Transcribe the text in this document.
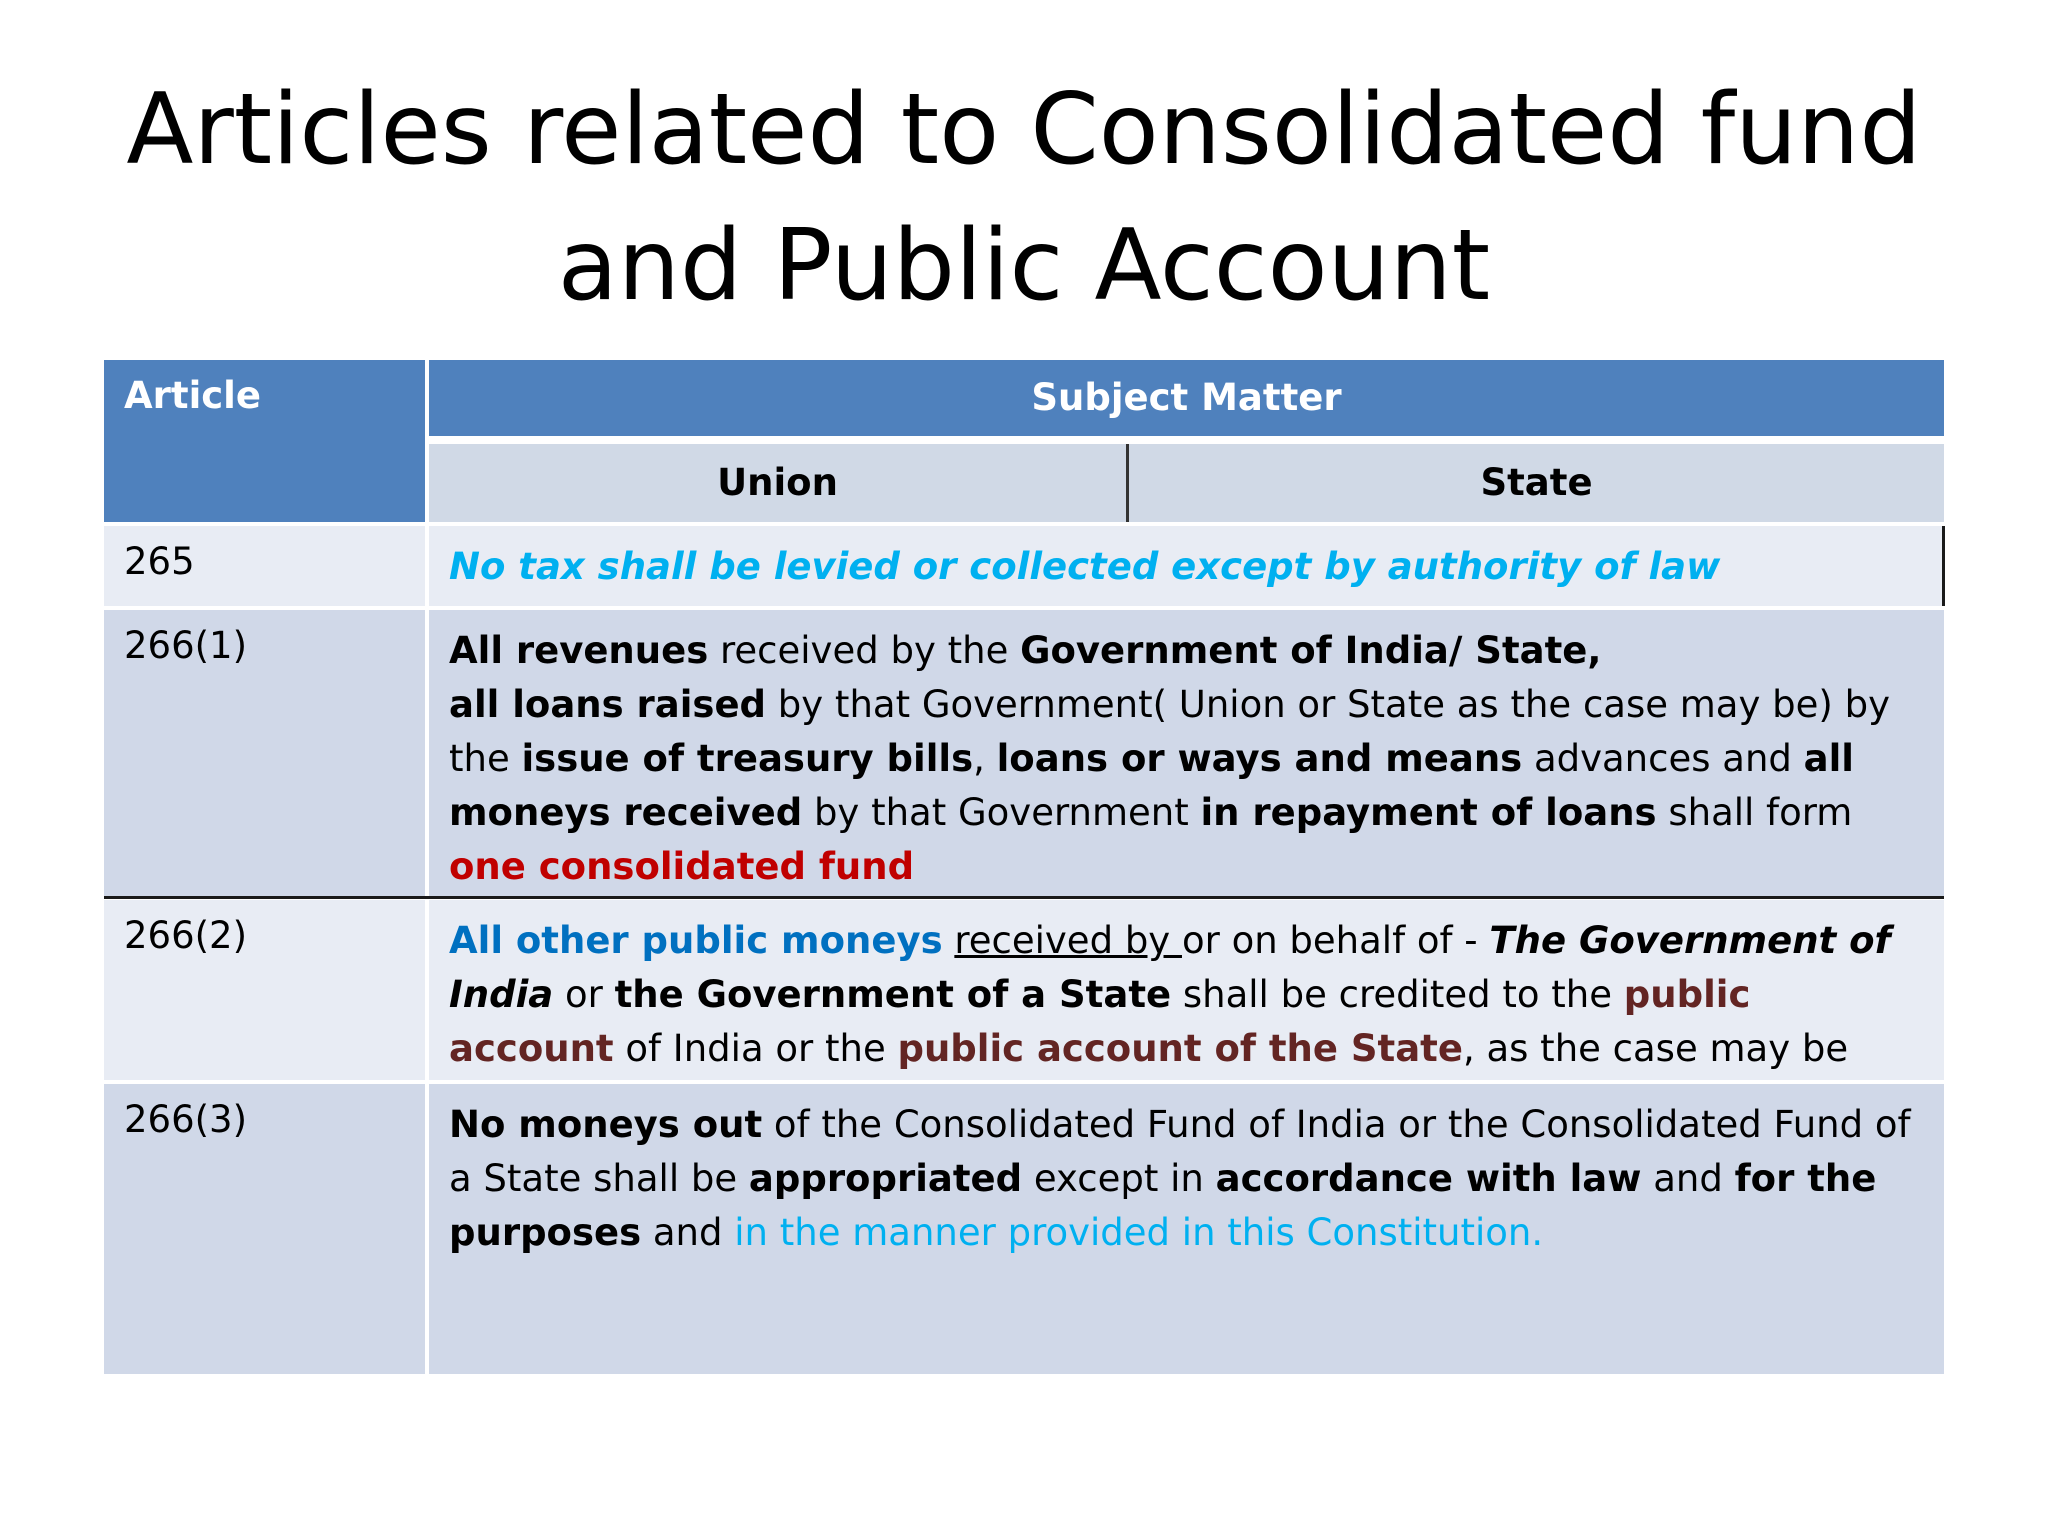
Articles related to Consolidated fund
and Public Account
Article	Subject Matter
Union	State
265	No tax shall be levied or collected except by authority of law
266(1)	All revenues received by the Government of India/ State,
all loans raised by that Government( Union or State as the case may be) by the issue of treasury bills, loans or ways and means advances and all moneys received by that Government in repayment of loans shall form one consolidated fund
266(2)	All other public moneys received by or on behalf of - The Government of India or the Government of a State shall be credited to the public account of India or the public account of the State, as the case may be
266(3)	No moneys out of the Consolidated Fund of India or the Consolidated Fund of a State shall be appropriated except in accordance with law and for the purposes and in the manner provided in this Constitution.
